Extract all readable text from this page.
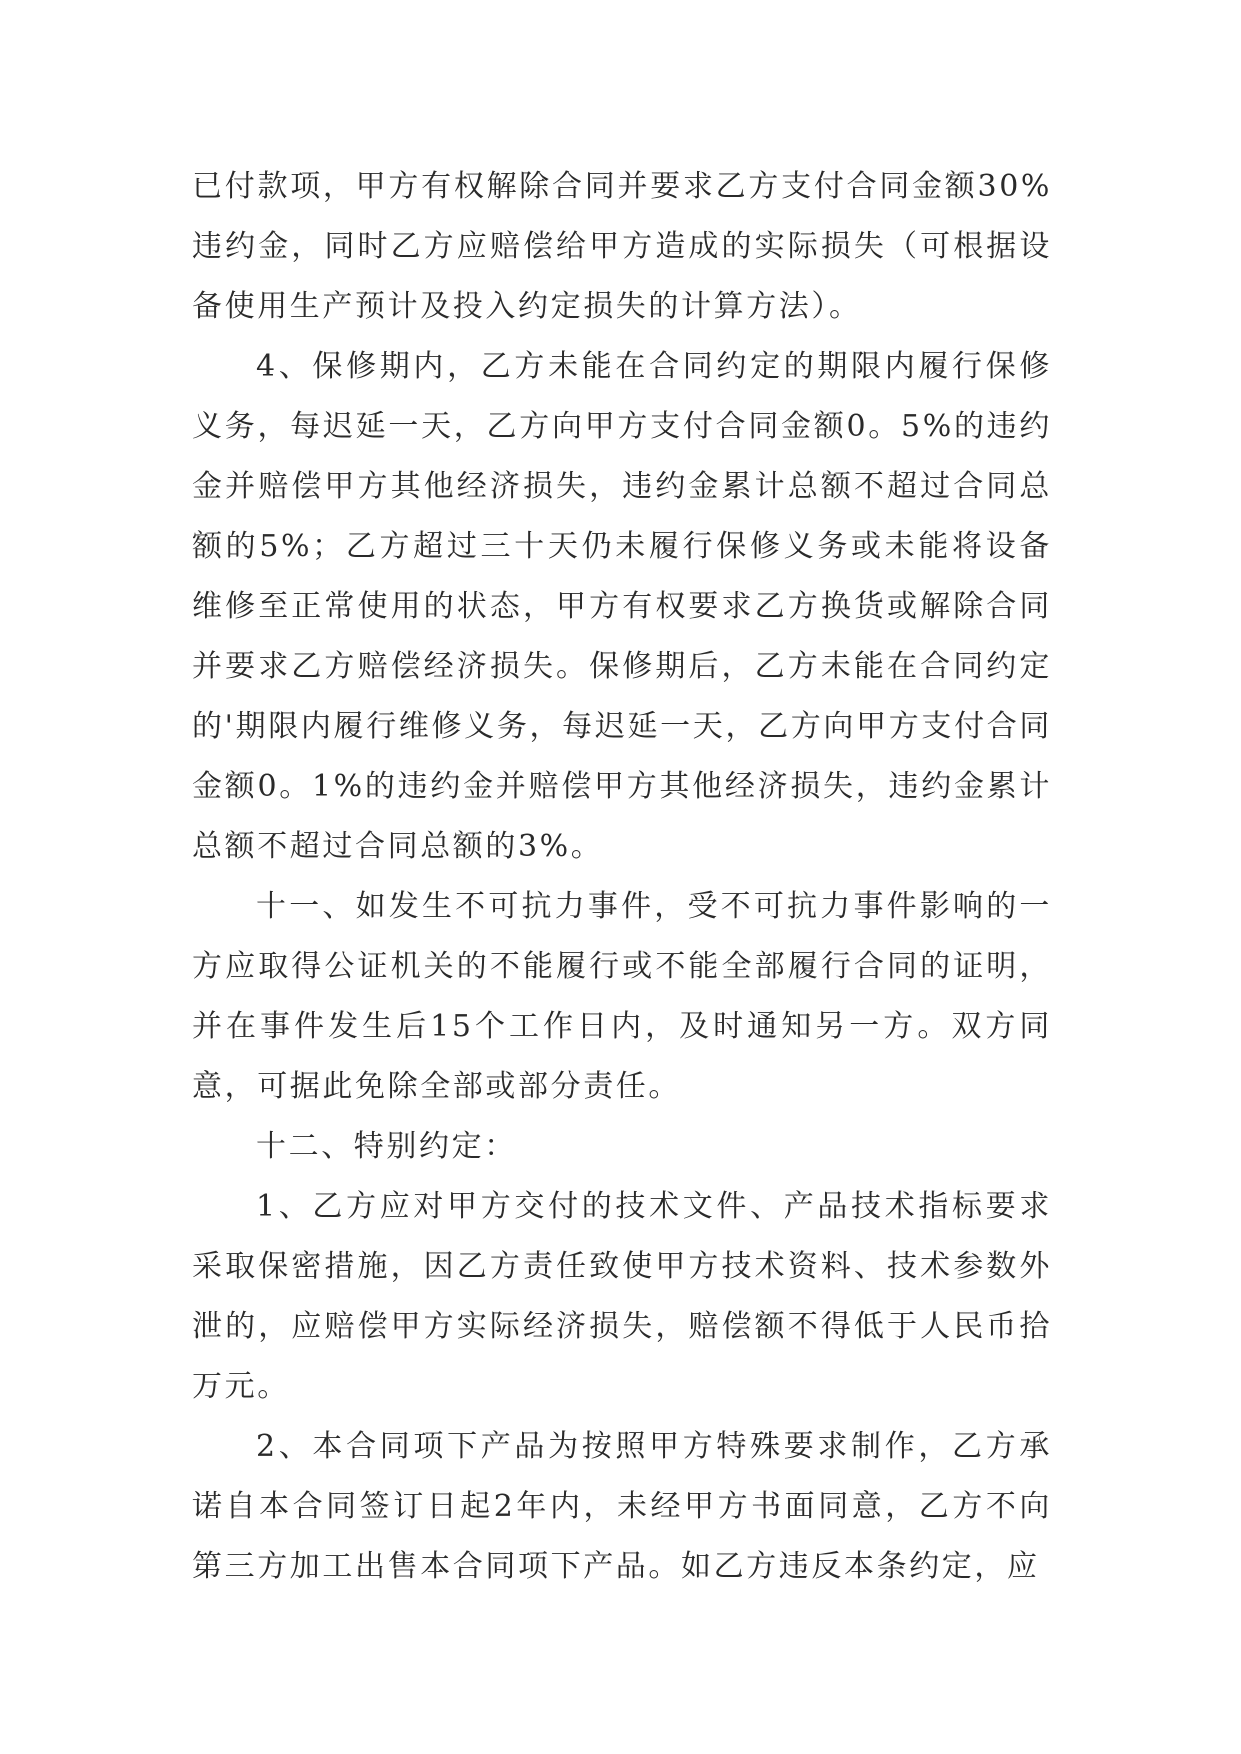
已付款项，甲方有权解除合同并要求乙方支付合同金额30%违约金，同时乙方应赔偿给甲方造成的实际损失（可根据设备使用生产预计及投入约定损失的计算方法）。

4、保修期内，乙方未能在合同约定的期限内履行保修义务，每迟延一天，乙方向甲方支付合同金额0。5%的违约金并赔偿甲方其他经济损失，违约金累计总额不超过合同总额的5%；乙方超过三十天仍未履行保修义务或未能将设备维修至正常使用的状态，甲方有权要求乙方换货或解除合同并要求乙方赔偿经济损失。保修期后，乙方未能在合同约定的'期限内履行维修义务，每迟延一天，乙方向甲方支付合同金额0。1%的违约金并赔偿甲方其他经济损失，违约金累计总额不超过合同总额的3%。

十一、如发生不可抗力事件，受不可抗力事件影响的一方应取得公证机关的不能履行或不能全部履行合同的证明，并在事件发生后15个工作日内，及时通知另一方。双方同意，可据此免除全部或部分责任。

十二、特别约定：

1、乙方应对甲方交付的技术文件、产品技术指标要求采取保密措施，因乙方责任致使甲方技术资料、技术参数外泄的，应赔偿甲方实际经济损失，赔偿额不得低于人民币拾万元。

2、本合同项下产品为按照甲方特殊要求制作，乙方承诺自本合同签订日起2年内，未经甲方书面同意，乙方不向第三方加工出售本合同项下产品。如乙方违反本条约定，应
